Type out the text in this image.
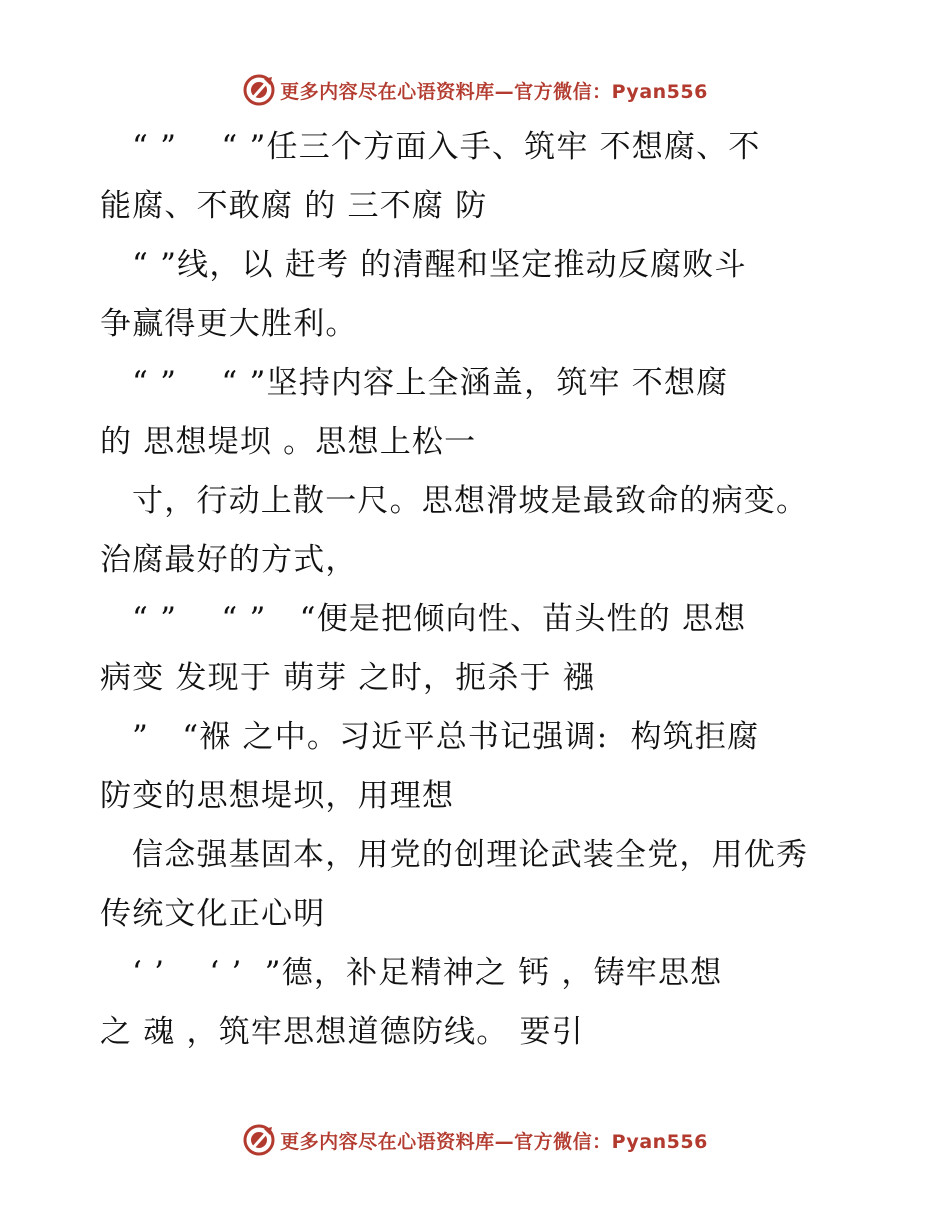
更多内容尽在心语资料库—官方微信：Pyan556
“ ”    “ ”任三个方面入手、筑牢 不想腐、不
能腐、不敢腐 的 三不腐 防
“ ”线，以 赶考 的清醒和坚定推动反腐败斗
争赢得更大胜利。
“ ”    “ ”坚持内容上全涵盖，筑牢 不想腐
的 思想堤坝 。思想上松一
寸，行动上散一尺。思想滑坡是最致命的病变。
治腐最好的方式，
“ ”    “ ”   “便是把倾向性、苗头性的 思想
病变 发现于 萌芽 之时，扼杀于 襁
”   “褓 之中。习近平总书记强调:  构筑拒腐
防变的思想堤坝，用理想
信念强基固本，用党的创理论武装全党，用优秀
传统文化正心明
‘ ’    ‘ ’  ”德，补足精神之 钙 ，铸牢思想
之 魂 ，筑牢思想道德防线。 要引
更多内容尽在心语资料库—官方微信：Pyan556
